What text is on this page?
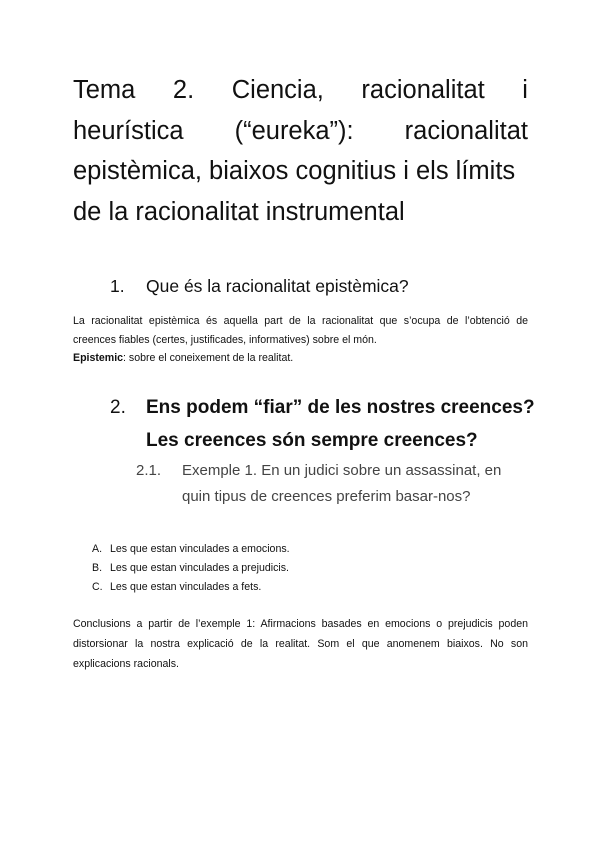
Tema 2. Ciencia, racionalitat i
heurística (“eureka”): racionalitat
epistèmica, biaixos cognitius i els límits
de la racionalitat instrumental
1. Que és la racionalitat epistèmica?
La racionalitat epistèmica és aquella part de la racionalitat que s’ocupa de l’obtenció de
creences fiables (certes, justificades, informatives) sobre el món.
Epistemic: sobre el coneixement de la realitat.
2. Ens podem “fiar” de les nostres creences?
Les creences són sempre creences?
2.1. Exemple 1. En un judici sobre un assassinat, en
quin tipus de creences preferim basar-nos?
A. Les que estan vinculades a emocions.
B. Les que estan vinculades a prejudicis.
C. Les que estan vinculades a fets.
Conclusions a partir de l’exemple 1: Afirmacions basades en emocions o prejudicis poden
distorsionar la nostra explicació de la realitat. Som el que anomenem biaixos. No son
explicacions racionals.
